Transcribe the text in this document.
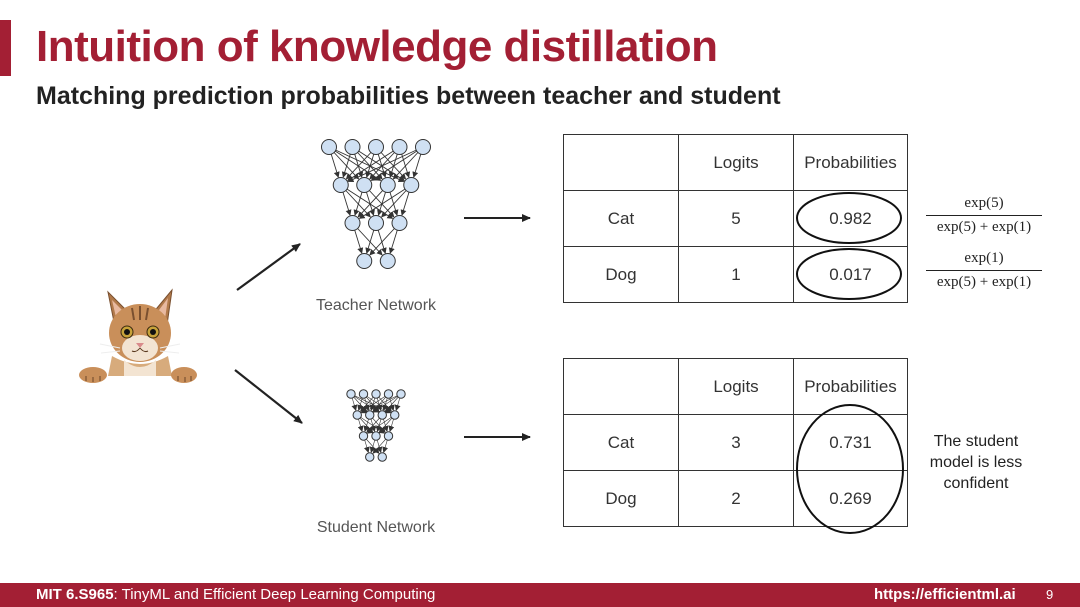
Intuition of knowledge distillation
Matching prediction probabilities between teacher and student
Teacher Network
Student Network
	Logits	Probabilities
Cat	5	0.982
Dog	1	0.017
	Logits	Probabilities
Cat	3	0.731
Dog	2	0.269
$\frac{\exp(5)}{\exp(5) + \exp(1)}$
$\frac{\exp(1)}{\exp(5) + \exp(1)}$
The student model is less confident
MIT 6.S965: TinyML and Efficient Deep Learning Computing	https://efficientml.ai 9
